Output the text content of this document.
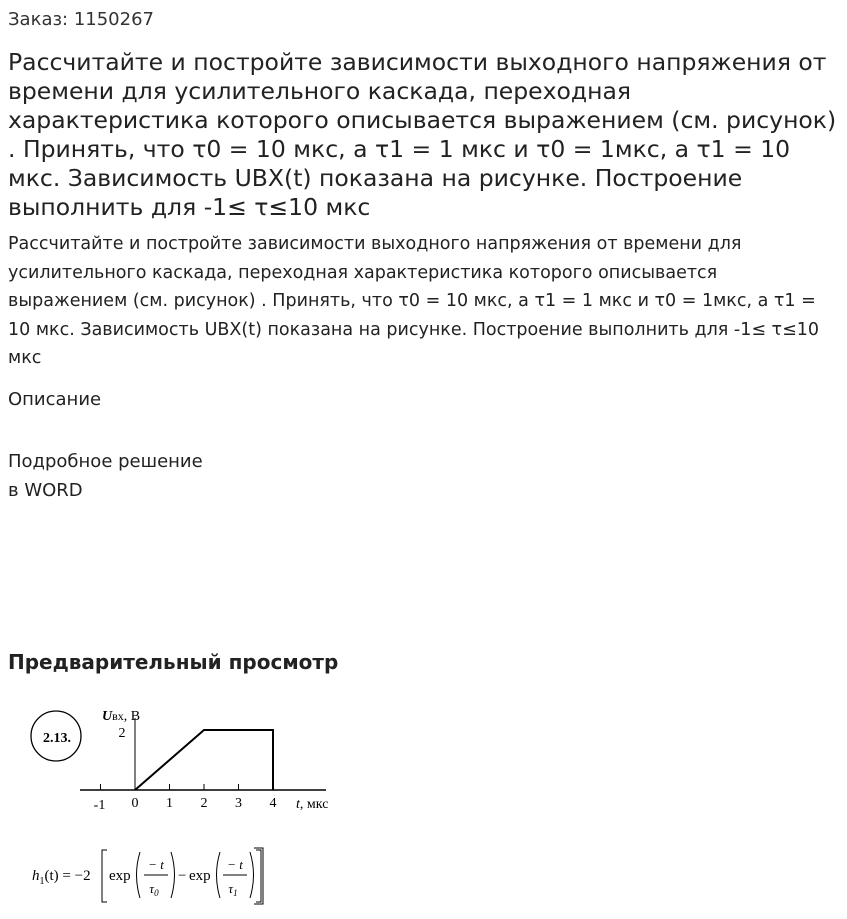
Заказ: 1150267
Рассчитайте и постройте зависимости выходного напряжения от времени для усилительного каскада, переходная характеристика которого описывается выражением (см. рисунок) . Принять, что τ0 = 10 мкс, а τ1 = 1 мкс и τ0 = 1мкс, а τ1 = 10 мкс. Зависимость UВХ(t) показана на рисунке. Построение выполнить для -1≤ τ≤10 мкс

Рассчитайте и постройте зависимости выходного напряжения от времени для усилительного каскада, переходная характеристика которого описывается выражением (см. рисунок) . Принять, что τ0 = 10 мкс, а τ1 = 1 мкс и τ0 = 1мкс, а τ1 = 10 мкс. Зависимость UВХ(t) показана на рисунке. Построение выполнить для -1≤ τ≤10 мкс

Описание
Подробное решение
в WORD
Предварительный просмотр
2.13.
Uвх, В
2
-1 0 1 2 3 4 t, мкс
$h_1(t) = -2$ exp
− t
$\tau_0$
− exp
− t
$\tau_1$
